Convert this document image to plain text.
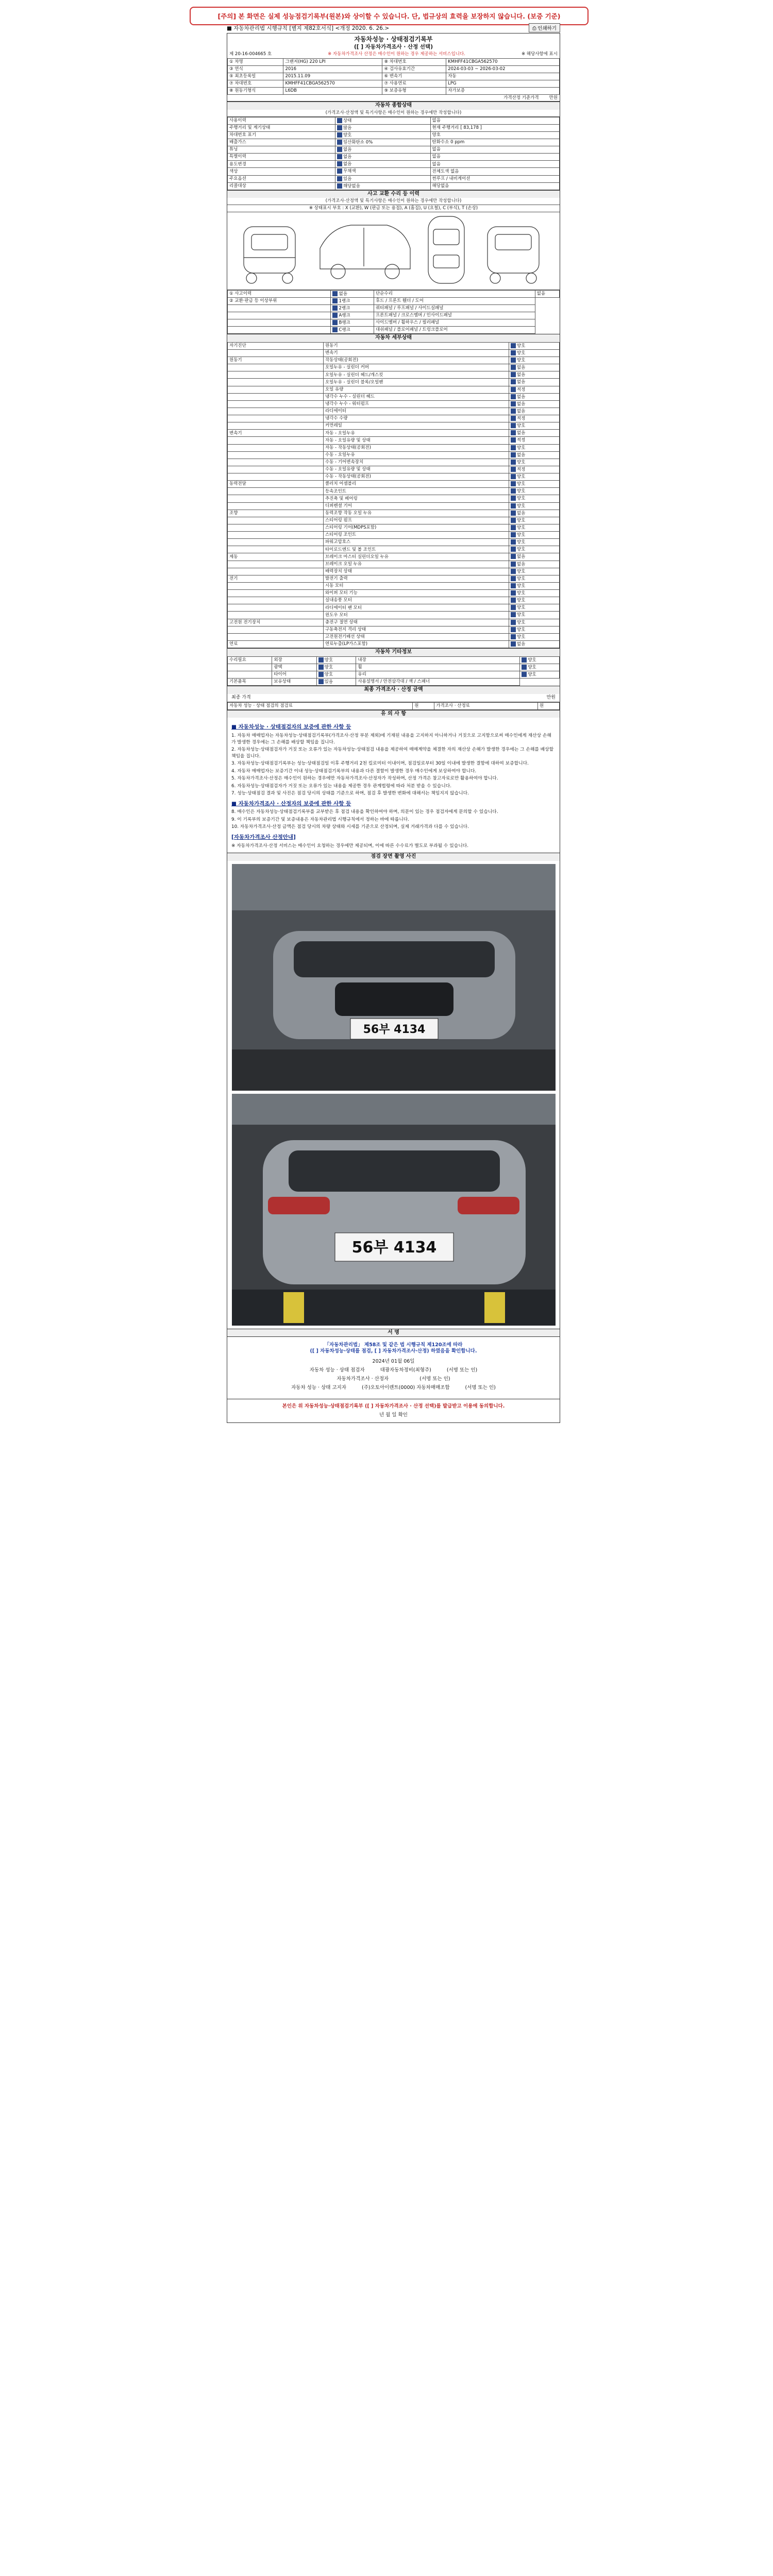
[주의] 본 화면은 실제 성능점검기록부(원본)와 상이할 수 있습니다. 단, 법규상의 효력을 보장하지 않습니다. (보증 기준)
■ 자동차관리법 시행규칙 [별지 제82호서식] <개정 2020. 6. 26.>	⎙ 인쇄하기
자동차성능 · 상태점검기록부
([ ] 자동차가격조사 · 산정 선택)
제 20-16-004665 호	※ 자동차가격조사 산정은 매수인이 원하는 경우 제공하는 서비스입니다.	※ 해당사항에 표시
① 차명	그랜저(HG) 220 LPI	⑧ 차대번호	KMHFF41CBGA562570
③ 연식	2016	④ 검사유효기간	2024-03-03 ~ 2026-03-02
⑤ 최초등록일	2015.11.09	⑥ 변속기	자동
⑦ 차대번호	KMHFF41CBGA562570	⑦ 사용연료	LPG
⑧ 원동기형식	L6DB	⑨ 보증유형	자가보증
가격산정 기준가격 만원
자동차 종합상태
(가격조사·산정액 및 특기사항은 매수인이 원하는 경우에만 작성합니다)
사용이력	상태	없음
주행거리 및 계기상태	많음	현재 주행거리 [ 83,178 ]
차대번호 표기	양호	양호
배출가스	일산화탄소 0%	탄화수소 0 ppm
튜닝	없음	없음
특별이력	없음	없음
용도변경	없음	없음
색상	무채색	전체도색 없음
주요옵션	있음	썬루프 / 내비게이션
리콜대상	해당없음	해당없음
사고 교환 수리 등 이력
(가격조사·산정액 및 특기사항은 매수인이 원하는 경우에만 작성합니다)
※ 상태표시 부호 : X (교환), W (판금 또는 용접), A (흠집), U (요철), C (부식), T (손상)
① 사고이력	없음	단순수리	없음
② 교환·판금 등 이상부위	1랭크	후드 / 프론트 휀더 / 도어	
	2랭크	쿼터패널 / 루프패널 / 사이드실패널	
	A랭크	프론트패널 / 크로스멤버 / 인사이드패널	
	B랭크	사이드멤버 / 휠하우스 / 필러패널	
	C랭크	대쉬패널 / 플로어패널 / 트렁크플로어	
자동차 세부상태
자기진단	원동기	양호
	변속기	양호
원동기	작동상태(공회전)	양호
	오일누유 - 실린더 커버	없음
	오일누유 - 실린더 헤드/개스킷	없음
	오일누유 - 실린더 블록/오일팬	없음
	오일 유량	적정
	냉각수 누수 - 실린더 헤드	없음
	냉각수 누수 - 워터펌프	없음
	라디에이터	없음
	냉각수 수량	적정
	커먼레일	양호
변속기	자동 - 오일누유	없음
	자동 - 오일유량 및 상태	적정
	자동 - 작동상태(공회전)	양호
	수동 - 오일누유	없음
	수동 - 기어변속장치	양호
	수동 - 오일유량 및 상태	적정
	수동 - 작동상태(공회전)	양호
동력전달	클러치 어셈블리	양호
	등속조인트	양호
	추진축 및 베어링	양호
	디퍼렌셜 기어	양호
조향	동력조향 작동 오일 누유	없음
	스티어링 펌프	양호
	스티어링 기어(MDPS포함)	양호
	스티어링 조인트	양호
	파워고압호스	양호
	타이로드엔드 및 볼 조인트	양호
제동	브레이크 마스터 실린더오일 누유	없음
	브레이크 오일 누유	없음
	배력장치 상태	양호
전기	발전기 출력	양호
	시동 모터	양호
	와이퍼 모터 기능	양호
	실내송풍 모터	양호
	라디에이터 팬 모터	양호
	윈도우 모터	양호
고전원 전기장치	충전구 절연 상태	양호
	구동축전지 격리 상태	양호
	고전원전기배선 상태	양호
연료	연료누출(LP가스포함)	없음
자동차 기타정보
수리필요	외장	양호	내장	양호
	광택	양호	휠	양호
	타이어	양호	유리	양호
기본품목	보유상태	있음	사용설명서 / 안전삼각대 / 잭 / 스패너	
최종 가격조사 · 산정 금액
최종 가격	만원
자동차 성능 · 상태 점검의 점검료	원	가격조사 · 산정료	원
유 의 사 항
■ 자동차성능 · 상태점검자의 보증에 관한 사항 등

1. 자동차 매매업자는 자동차성능·상태점검기록부(가격조사·산정 부분 제외)에 기재된 내용을 고지하지 아니하거나 거짓으로 고지함으로써 매수인에게 재산상 손해가 발생한 경우에는 그 손해를 배상할 책임을 집니다.

2. 자동차성능·상태점검자가 거짓 또는 오류가 있는 자동차성능·상태점검 내용을 제공하여 매매계약을 체결한 자의 재산상 손해가 발생한 경우에는 그 손해를 배상할 책임을 집니다.

3. 자동차성능·상태점검기록부는 성능·상태점검일 이후 주행거리 2천 킬로미터 이내이며, 점검일로부터 30일 이내에 발생한 결함에 대하여 보증합니다.

4. 자동차 매매업자는 보증기간 이내 성능·상태점검기록부의 내용과 다른 결함이 발생한 경우 매수인에게 보상하여야 합니다.

5. 자동차가격조사·산정은 매수인이 원하는 경우에만 자동차가격조사·산정자가 작성하며, 산정 가격은 참고자료로만 활용하여야 합니다.

6. 자동차성능·상태점검자가 거짓 또는 오류가 있는 내용을 제공한 경우 관계법령에 따라 처분 받을 수 있습니다.

7. 성능·상태점검 결과 및 사진은 점검 당시의 상태를 기준으로 하며, 점검 후 발생한 변화에 대해서는 책임지지 않습니다.

■ 자동차가격조사 · 산정자의 보증에 관한 사항 등

8. 매수인은 자동차성능·상태점검기록부를 교부받은 후 점검 내용을 확인하여야 하며, 의문이 있는 경우 점검자에게 문의할 수 있습니다.

9. 이 기록부의 보증기간 및 보증내용은 자동차관리법 시행규칙에서 정하는 바에 따릅니다.

10. 자동차가격조사·산정 금액은 점검 당시의 차량 상태와 시세를 기준으로 산정되며, 실제 거래가격과 다를 수 있습니다.

[자동차가격조사 산정안내]

※ 자동차가격조사·산정 서비스는 매수인이 요청하는 경우에만 제공되며, 이에 따른 수수료가 별도로 부과될 수 있습니다.

점검 장면 촬영 사진
56부 4134
56부 4134
서 명
「자동차관리법」 제58조 및 같은 법 시행규칙 제120조에 따라
([ ] 자동차성능·상태를 점검, [ ] 자동차가격조사·산정) 하였음을 확인합니다.
2024년 01월 06일
자동차 성능 · 상태 점검자	대광자동차정비(최형주)	(서명 또는 인)
자동차가격조사 · 산정자	(서명 또는 인)
자동차 성능 · 상태 고지자	(주)오토아이렌트(0000) 자동차매매조합	(서명 또는 인)
본인은 위 자동차성능·상태점검기록부 ([ ] 자동차가격조사 · 산정 선택)를 발급받고 이용에 동의합니다.
년 월 일 확인
